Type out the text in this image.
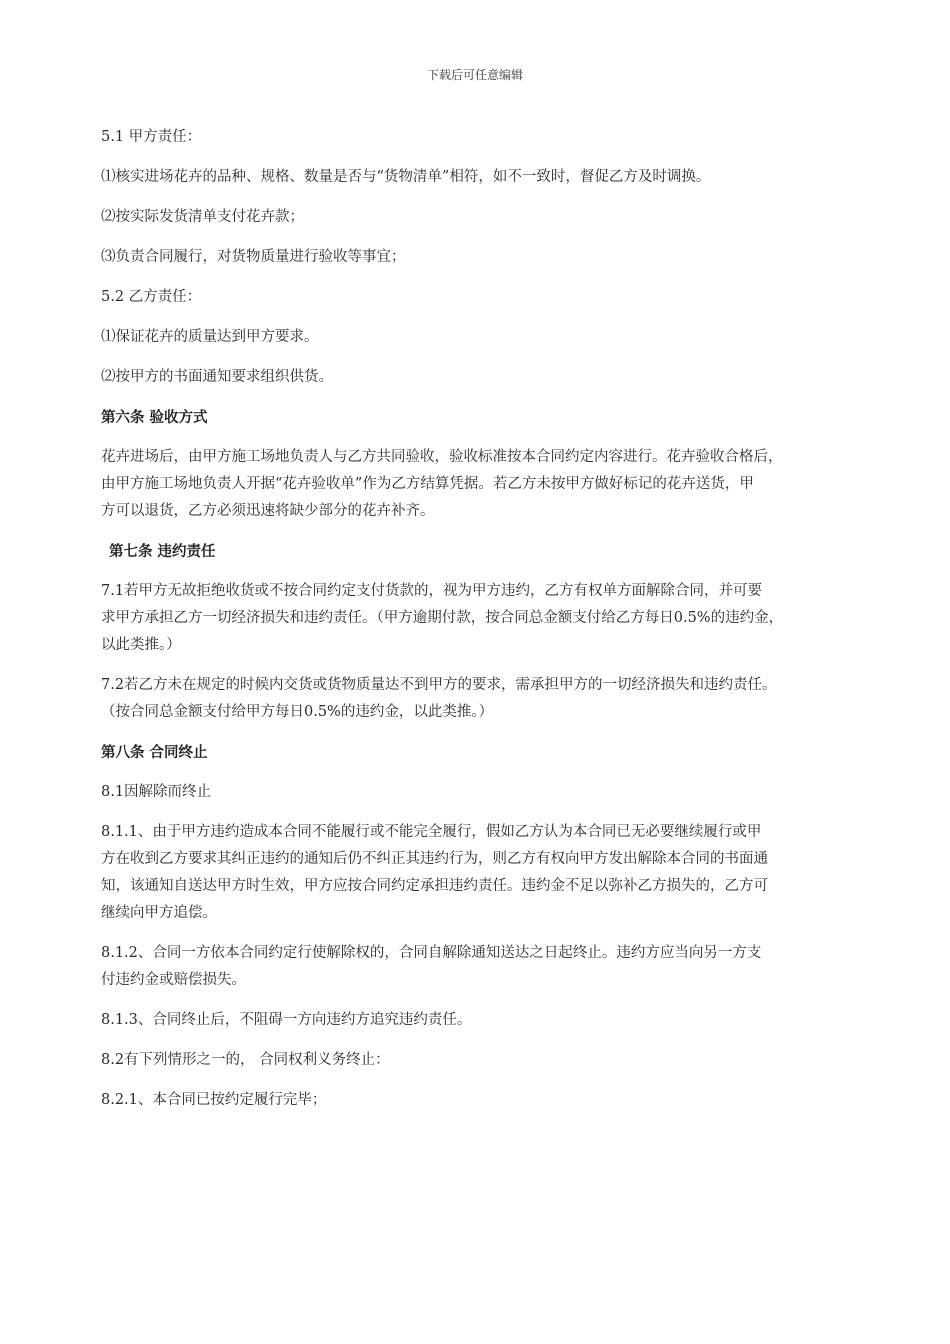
下载后可任意编辑
5.1 甲方责任：
⑴核实进场花卉的品种、规格、数量是否与“货物清单”相符，如不一致时，督促乙方及时调换。
⑵按实际发货清单支付花卉款；
⑶负责合同履行，对货物质量进行验收等事宜；
5.2 乙方责任：
⑴保证花卉的质量达到甲方要求。
⑵按甲方的书面通知要求组织供货。
第六条 验收方式
花卉进场后，由甲方施工场地负责人与乙方共同验收，验收标准按本合同约定内容进行。花卉验收合格后，
由甲方施工场地负责人开据“花卉验收单”作为乙方结算凭据。若乙方未按甲方做好标记的花卉送货，甲
方可以退货，乙方必须迅速将缺少部分的花卉补齐。
第七条 违约责任
7.1若甲方无故拒绝收货或不按合同约定支付货款的，视为甲方违约，乙方有权单方面解除合同，并可要
求甲方承担乙方一切经济损失和违约责任。（甲方逾期付款，按合同总金额支付给乙方每日0.5%的违约金，
以此类推。）
7.2若乙方未在规定的时候内交货或货物质量达不到甲方的要求，需承担甲方的一切经济损失和违约责任。
（按合同总金额支付给甲方每日0.5%的违约金，以此类推。）
第八条 合同终止
8.1因解除而终止
8.1.1、由于甲方违约造成本合同不能履行或不能完全履行，假如乙方认为本合同已无必要继续履行或甲
方在收到乙方要求其纠正违约的通知后仍不纠正其违约行为，则乙方有权向甲方发出解除本合同的书面通
知，该通知自送达甲方时生效，甲方应按合同约定承担违约责任。违约金不足以弥补乙方损失的，乙方可
继续向甲方追偿。
8.1.2、合同一方依本合同约定行使解除权的，合同自解除通知送达之日起终止。违约方应当向另一方支
付违约金或赔偿损失。
8.1.3、合同终止后，不阻碍一方向违约方追究违约责任。
8.2有下列情形之一的， 合同权利义务终止：
8.2.1、本合同已按约定履行完毕；
